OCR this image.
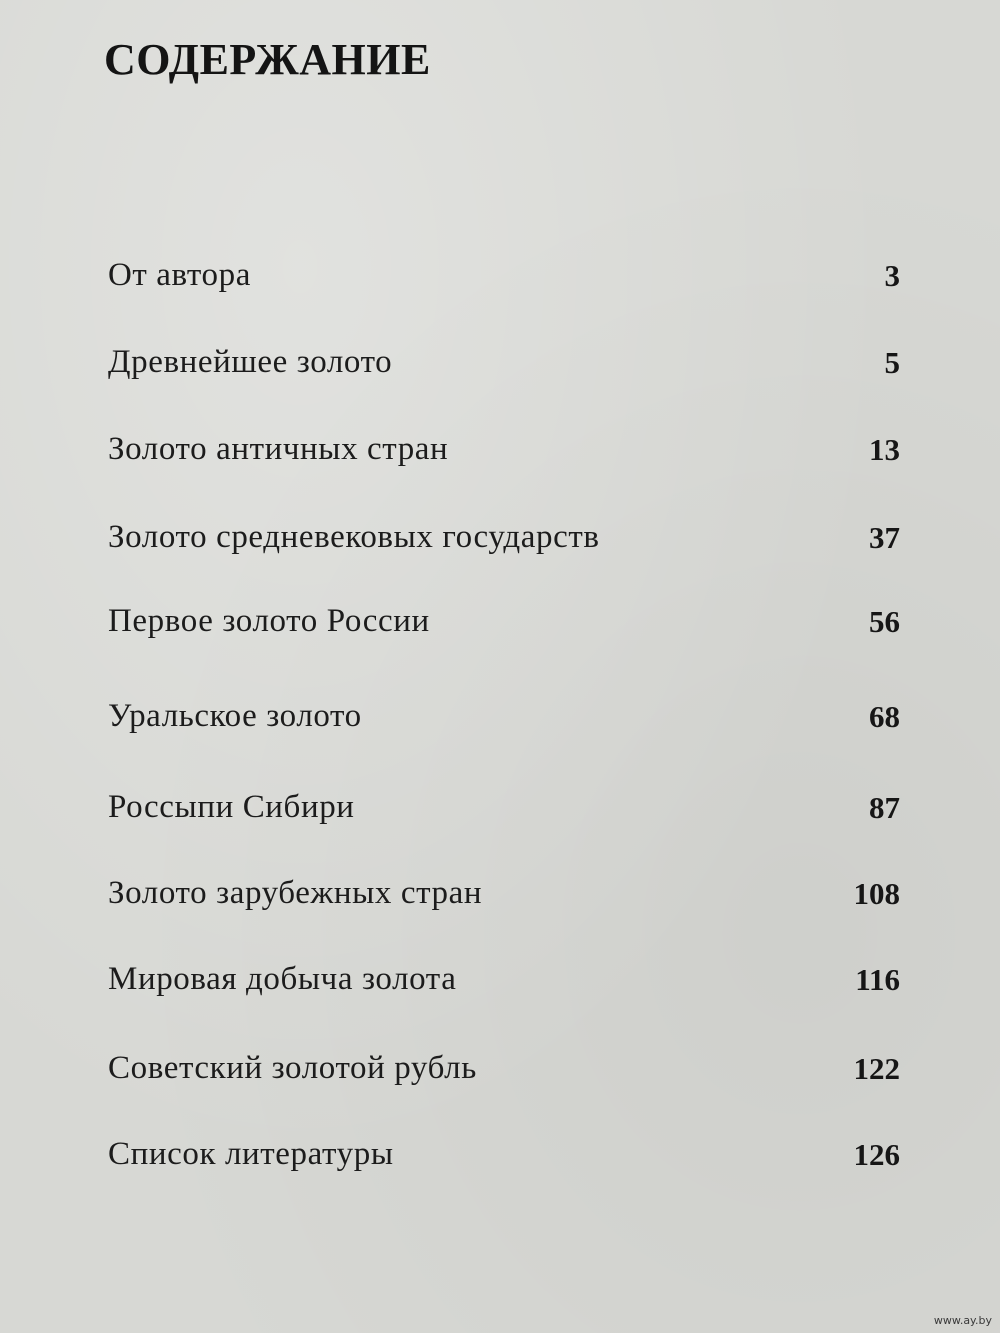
СОДЕРЖАНИЕ
От автора	3
Древнейшее золото	5
Золото античных стран	13
Золото средневековых государств	37
Первое золото России	56
Уральское золото	68
Россыпи Сибири	87
Золото зарубежных стран	108
Мировая добыча золота	116
Советский золотой рубль	122
Список литературы	126
www.ay.by
